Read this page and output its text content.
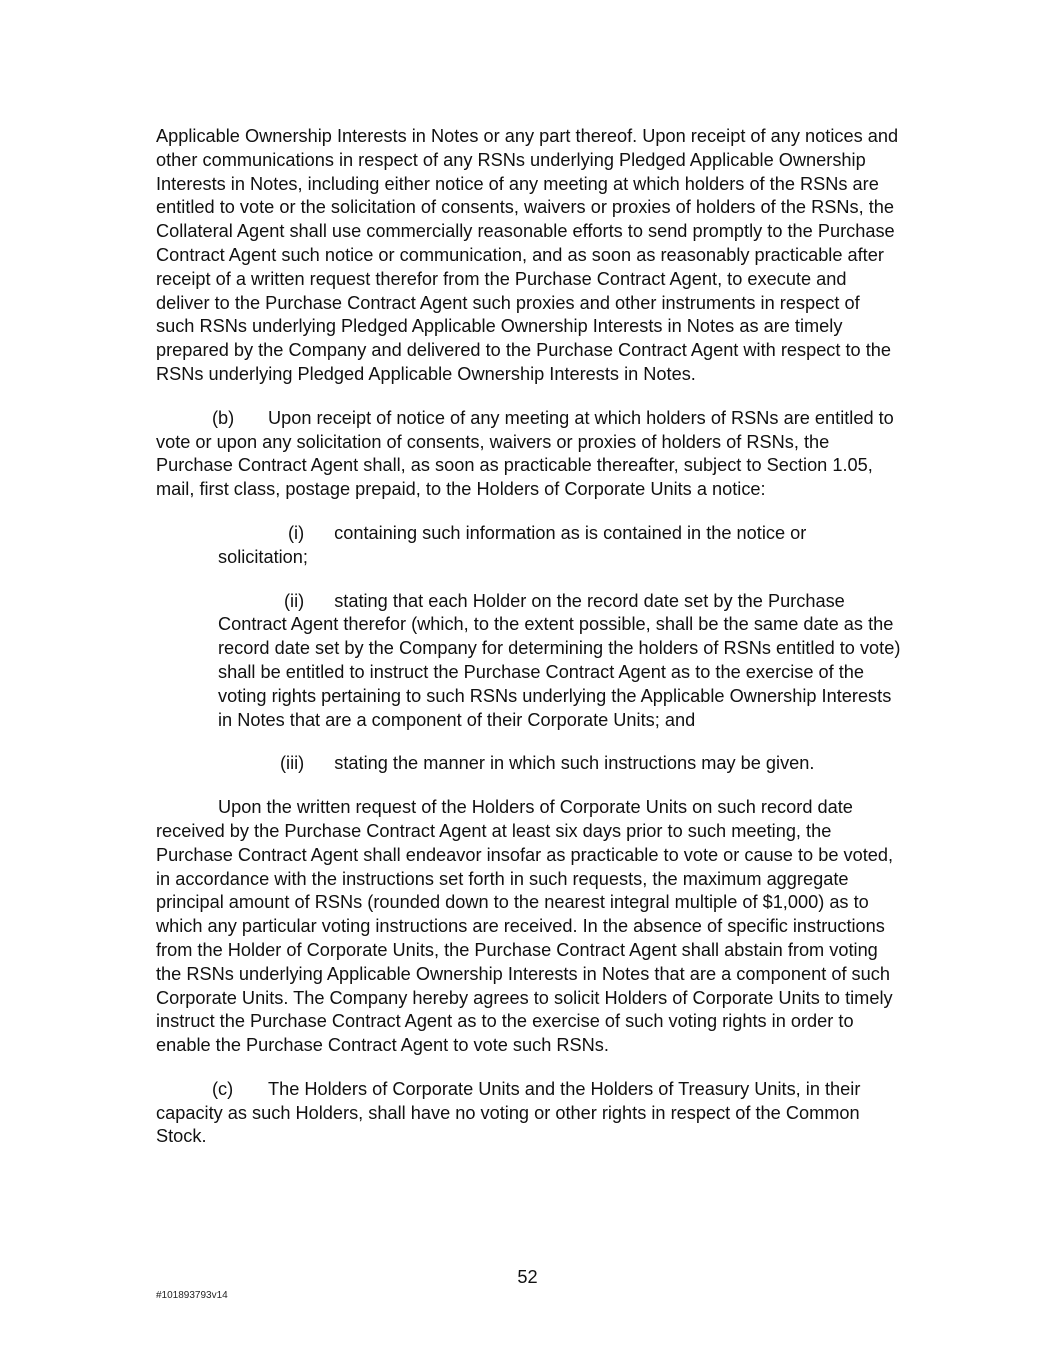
Applicable Ownership Interests in Notes or any part thereof. Upon receipt of any notices and other communications in respect of any RSNs underlying Pledged Applicable Ownership Interests in Notes, including either notice of any meeting at which holders of the RSNs are entitled to vote or the solicitation of consents, waivers or proxies of holders of the RSNs, the Collateral Agent shall use commercially reasonable efforts to send promptly to the Purchase Contract Agent such notice or communication, and as soon as reasonably practicable after receipt of a written request therefor from the Purchase Contract Agent, to execute and deliver to the Purchase Contract Agent such proxies and other instruments in respect of such RSNs underlying Pledged Applicable Ownership Interests in Notes as are timely prepared by the Company and delivered to the Purchase Contract Agent with respect to the RSNs underlying Pledged Applicable Ownership Interests in Notes.

(b) Upon receipt of notice of any meeting at which holders of RSNs are entitled to vote or upon any solicitation of consents, waivers or proxies of holders of RSNs, the Purchase Contract Agent shall, as soon as practicable thereafter, subject to Section 1.05, mail, first class, postage prepaid, to the Holders of Corporate Units a notice:

(i) containing such information as is contained in the notice or solicitation;

(ii) stating that each Holder on the record date set by the Purchase Contract Agent therefor (which, to the extent possible, shall be the same date as the record date set by the Company for determining the holders of RSNs entitled to vote) shall be entitled to instruct the Purchase Contract Agent as to the exercise of the voting rights pertaining to such RSNs underlying the Applicable Ownership Interests in Notes that are a component of their Corporate Units; and

(iii) stating the manner in which such instructions may be given.

Upon the written request of the Holders of Corporate Units on such record date received by the Purchase Contract Agent at least six days prior to such meeting, the Purchase Contract Agent shall endeavor insofar as practicable to vote or cause to be voted, in accordance with the instructions set forth in such requests, the maximum aggregate principal amount of RSNs (rounded down to the nearest integral multiple of $1,000) as to which any particular voting instructions are received. In the absence of specific instructions from the Holder of Corporate Units, the Purchase Contract Agent shall abstain from voting the RSNs underlying Applicable Ownership Interests in Notes that are a component of such Corporate Units. The Company hereby agrees to solicit Holders of Corporate Units to timely instruct the Purchase Contract Agent as to the exercise of such voting rights in order to enable the Purchase Contract Agent to vote such RSNs.

(c) The Holders of Corporate Units and the Holders of Treasury Units, in their capacity as such Holders, shall have no voting or other rights in respect of the Common Stock.

52
#101893793v14
